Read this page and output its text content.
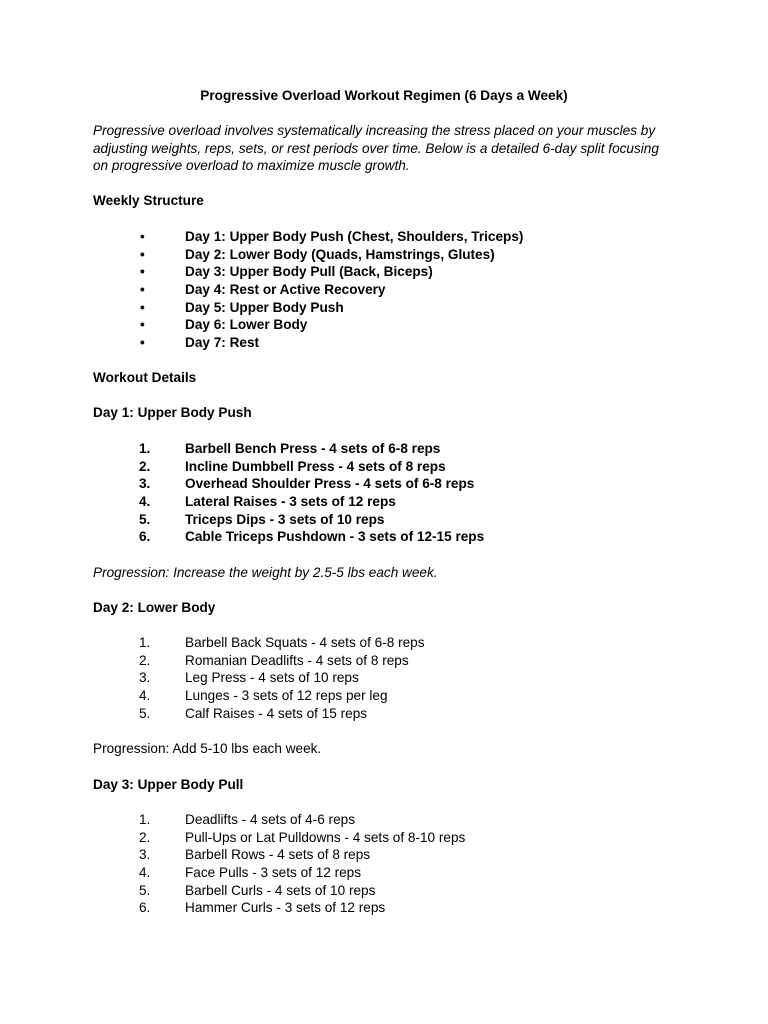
Progressive Overload Workout Regimen (6 Days a Week)
Progressive overload involves systematically increasing the stress placed on your muscles by adjusting weights, reps, sets, or rest periods over time. Below is a detailed 6-day split focusing on progressive overload to maximize muscle growth.
Weekly Structure
•	Day 1: Upper Body Push (Chest, Shoulders, Triceps)
•	Day 2: Lower Body (Quads, Hamstrings, Glutes)
•	Day 3: Upper Body Pull (Back, Biceps)
•	Day 4: Rest or Active Recovery
•	Day 5: Upper Body Push
•	Day 6: Lower Body
•	Day 7: Rest
Workout Details
Day 1: Upper Body Push
1.	Barbell Bench Press - 4 sets of 6-8 reps
2.	Incline Dumbbell Press - 4 sets of 8 reps
3.	Overhead Shoulder Press - 4 sets of 6-8 reps
4.	Lateral Raises - 3 sets of 12 reps
5.	Triceps Dips - 3 sets of 10 reps
6.	Cable Triceps Pushdown - 3 sets of 12-15 reps
Progression: Increase the weight by 2.5-5 lbs each week.
Day 2: Lower Body
1.	Barbell Back Squats - 4 sets of 6-8 reps
2.	Romanian Deadlifts - 4 sets of 8 reps
3.	Leg Press - 4 sets of 10 reps
4.	Lunges - 3 sets of 12 reps per leg
5.	Calf Raises - 4 sets of 15 reps
Progression: Add 5-10 lbs each week.
Day 3: Upper Body Pull
1.	Deadlifts - 4 sets of 4-6 reps
2.	Pull-Ups or Lat Pulldowns - 4 sets of 8-10 reps
3.	Barbell Rows - 4 sets of 8 reps
4.	Face Pulls - 3 sets of 12 reps
5.	Barbell Curls - 4 sets of 10 reps
6.	Hammer Curls - 3 sets of 12 reps
